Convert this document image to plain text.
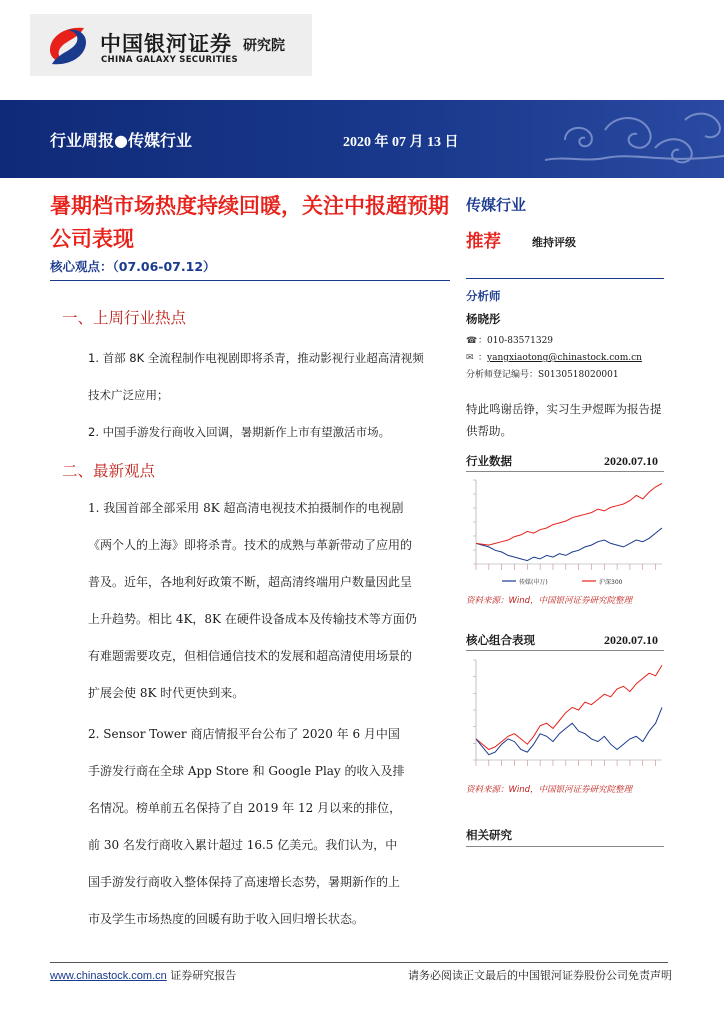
中国银河证券
CHINA GALAXY SECURITIES
研究院
行业周报●传媒行业	2020 年 07 月 13 日
暑期档市场热度持续回暖，关注中报超预期公司表现
核心观点：（07.06-07.12）
一、上周行业热点
1. 首部 8K 全流程制作电视剧即将杀青，推动影视行业超高清视频技术广泛应用；
2. 中国手游发行商收入回调，暑期新作上市有望激活市场。
二、最新观点
1. 我国首部全部采用 8K 超高清电视技术拍摄制作的电视剧《两个人的上海》即将杀青。技术的成熟与革新带动了应用的普及。近年，各地利好政策不断，超高清终端用户数量因此呈上升趋势。相比 4K，8K 在硬件设备成本及传输技术等方面仍有难题需要攻克，但相信通信技术的发展和超高清使用场景的扩展会使 8K 时代更快到来。
2. Sensor Tower 商店情报平台公布了 2020 年 6 月中国手游发行商在全球 App Store 和 Google Play 的收入及排名情况。榜单前五名保持了自 2019 年 12 月以来的排位，前 30 名发行商收入累计超过 16.5 亿美元。我们认为，中国手游发行商收入整体保持了高速增长态势，暑期新作的上市及学生市场热度的回暖有助于收入回归增长状态。
传媒行业
推荐	维持评级
分析师
杨晓彤
☎：010-83571329
✉ ：yangxiaotong@chinastock.com.cn
分析师登记编号：S0130518020001
特此鸣谢岳铮，实习生尹煜晖为报告提供帮助。
行业数据	2020.07.10
传媒(申万)	沪深300
资料来源：Wind，中国银河证券研究院整理
核心组合表现	2020.07.10
资料来源：Wind，中国银河证券研究院整理
相关研究
www.chinastock.com.cn 证券研究报告	请务必阅读正文最后的中国银河证券股份公司免责声明
